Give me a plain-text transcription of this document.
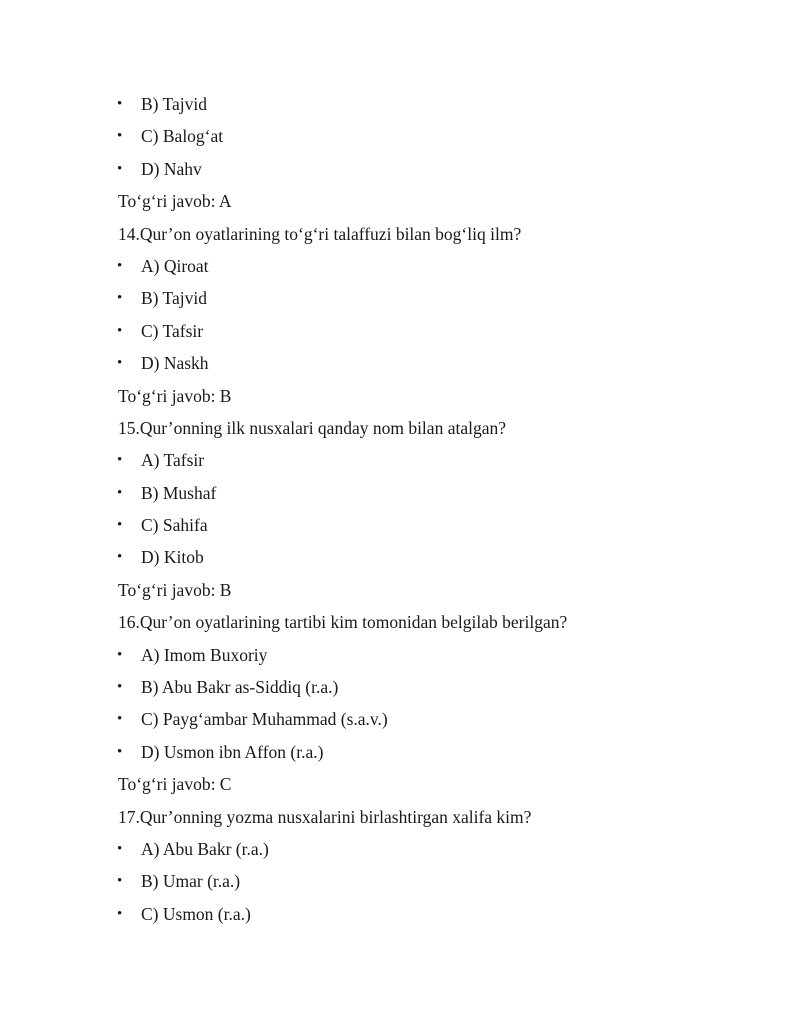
• B) Tajvid
• C) Balog‘at
• D) Nahv
To‘g‘ri javob: A
14.Qur’on oyatlarining to‘g‘ri talaffuzi bilan bog‘liq ilm?
• A) Qiroat
• B) Tajvid
• C) Tafsir
• D) Naskh
To‘g‘ri javob: B
15.Qur’onning ilk nusxalari qanday nom bilan atalgan?
• A) Tafsir
• B) Mushaf
• C) Sahifa
• D) Kitob
To‘g‘ri javob: B
16.Qur’on oyatlarining tartibi kim tomonidan belgilab berilgan?
• A) Imom Buxoriy
• B) Abu Bakr as-Siddiq (r.a.)
• C) Payg‘ambar Muhammad (s.a.v.)
• D) Usmon ibn Affon (r.a.)
To‘g‘ri javob: C
17.Qur’onning yozma nusxalarini birlashtirgan xalifa kim?
• A) Abu Bakr (r.a.)
• B) Umar (r.a.)
• C) Usmon (r.a.)
